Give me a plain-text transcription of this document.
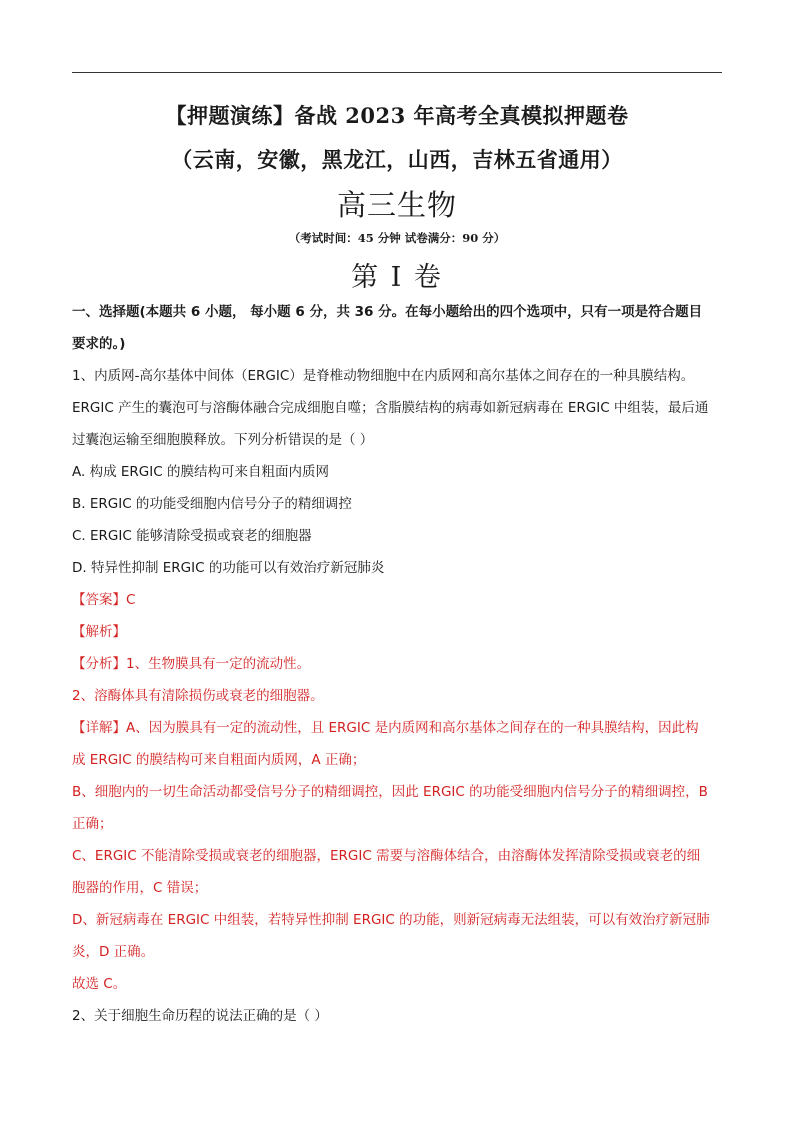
【押题演练】备战 2023 年高考全真模拟押题卷
（云南，安徽，黑龙江，山西，吉林五省通用）
高三生物
（考试时间：45 分钟 试卷满分：90 分）
第 I 卷
一、选择题(本题共 6 小题， 每小题 6 分，共 36 分。在每小题给出的四个选项中，只有一项是符合题目
要求的。)
1、内质网-高尔基体中间体（ERGIC）是脊椎动物细胞中在内质网和高尔基体之间存在的一种具膜结构。
ERGIC 产生的囊泡可与溶酶体融合完成细胞自噬；含脂膜结构的病毒如新冠病毒在 ERGIC 中组装，最后通
过囊泡运输至细胞膜释放。下列分析错误的是（ ）
A. 构成 ERGIC 的膜结构可来自粗面内质网
B. ERGIC 的功能受细胞内信号分子的精细调控
C. ERGIC 能够清除受损或衰老的细胞器
D. 特异性抑制 ERGIC 的功能可以有效治疗新冠肺炎
【答案】C
【解析】
【分析】1、生物膜具有一定的流动性。
2、溶酶体具有清除损伤或衰老的细胞器。
【详解】A、因为膜具有一定的流动性，且 ERGIC 是内质网和高尔基体之间存在的一种具膜结构，因此构
成 ERGIC 的膜结构可来自粗面内质网，A 正确；
B、细胞内的一切生命活动都受信号分子的精细调控，因此 ERGIC 的功能受细胞内信号分子的精细调控，B
正确；
C、ERGIC 不能清除受损或衰老的细胞器，ERGIC 需要与溶酶体结合，由溶酶体发挥清除受损或衰老的细
胞器的作用，C 错误；
D、新冠病毒在 ERGIC 中组装，若特异性抑制 ERGIC 的功能，则新冠病毒无法组装，可以有效治疗新冠肺
炎，D 正确。
故选 C。
2、关于细胞生命历程的说法正确的是（ ）
